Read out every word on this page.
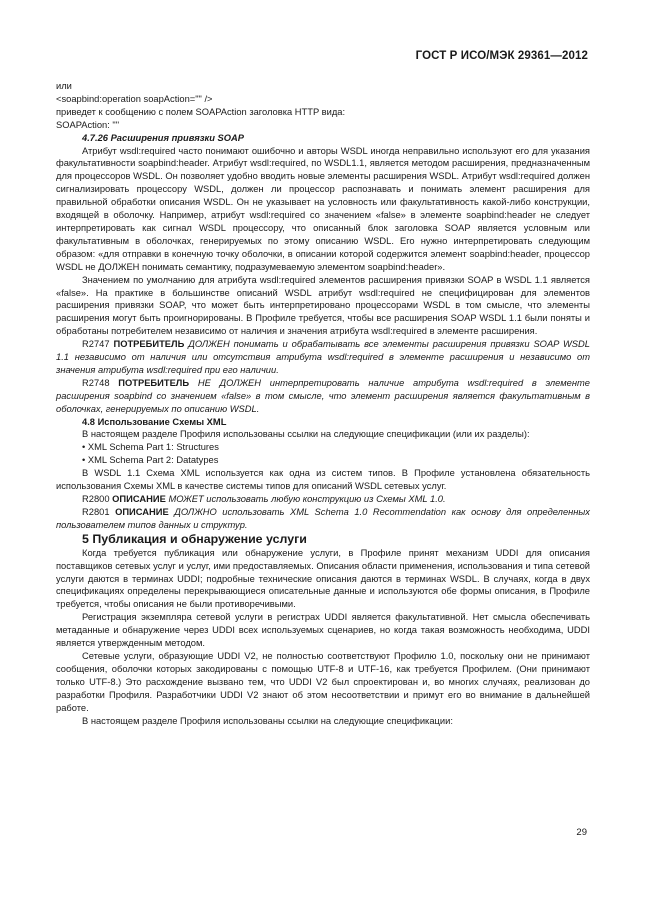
ГОСТ Р ИСО/МЭК 29361—2012

или

<soapbind:operation soapAction="" />

приведет к сообщению с полем SOAPAction заголовка HTTP вида:

SOAPAction: ""

4.7.26 Расширения привязки SOAP

Атрибут wsdl:required часто понимают ошибочно и авторы WSDL иногда неправильно используют его для указания факультативности soapbind:header. Атрибут wsdl:required, по WSDL1.1, является методом расширения, предназначенным для процессоров WSDL. Он позволяет удобно вводить новые элементы расширения WSDL. Атрибут wsdl:required должен сигнализировать процессору WSDL, должен ли процессор распознавать и понимать элемент расширения для правильной обработки описания WSDL. Он не указывает на условность или факультативность какой-либо конструкции, входящей в оболочку. Например, атрибут wsdl:required со значением «false» в элементе soapbind:header не следует интерпретировать как сигнал WSDL процессору, что описанный блок заголовка SOAP является условным или факультативным в оболочках, генерируемых по этому описанию WSDL. Его нужно интерпретировать следующим образом: «для отправки в конечную точку оболочки, в описании которой содержится элемент soapbind:header, процессор WSDL не ДОЛЖЕН понимать семантику, подразумеваемую элементом soapbind:header».

Значением по умолчанию для атрибута wsdl:required элементов расширения привязки SOAP в WSDL 1.1 является «false». На практике в большинстве описаний WSDL атрибут wsdl:required не специфицирован для элементов расширения привязки SOAP, что может быть интерпретировано процессорами WSDL в том смысле, что элементы расширения могут быть проигнорированы. В Профиле требуется, чтобы все расширения SOAP WSDL 1.1 были поняты и обработаны потребителем независимо от наличия и значения атрибута wsdl:required в элементе расширения.

R2747 ПОТРЕБИТЕЛЬ ДОЛЖЕН понимать и обрабатывать все элементы расширения привязки SOAP WSDL 1.1 независимо от наличия или отсутствия атрибута wsdl:required в элементе расширения и независимо от значения атрибута wsdl:required при его наличии.

R2748 ПОТРЕБИТЕЛЬ НЕ ДОЛЖЕН интерпретировать наличие атрибута wsdl:required в элементе расширения soapbind со значением «false» в том смысле, что элемент расширения является факультативным в оболочках, генерируемых по описанию WSDL.

4.8 Использование Схемы XML

В настоящем разделе Профиля использованы ссылки на следующие спецификации (или их разделы):

• XML Schema Part 1: Structures

• XML Schema Part 2: Datatypes

В WSDL 1.1 Схема XML используется как одна из систем типов. В Профиле установлена обязательность использования Схемы XML в качестве системы типов для описаний WSDL сетевых услуг.

R2800 ОПИСАНИЕ МОЖЕТ использовать любую конструкцию из Схемы XML 1.0.

R2801 ОПИСАНИЕ ДОЛЖНО использовать XML Schema 1.0 Recommendation как основу для определенных пользователем типов данных и структур.

5 Публикация и обнаружение услуги

Когда требуется публикация или обнаружение услуги, в Профиле принят механизм UDDI для описания поставщиков сетевых услуг и услуг, ими предоставляемых. Описания области применения, использования и типа сетевой услуги даются в терминах UDDI; подробные технические описания даются в терминах WSDL. В случаях, когда в двух спецификациях определены перекрывающиеся описательные данные и используются обе формы описания, в Профиле требуется, чтобы описания не были противоречивыми.

Регистрация экземпляра сетевой услуги в регистрах UDDI является факультативной. Нет смысла обеспечивать метаданные и обнаружение через UDDI всех используемых сценариев, но когда такая возможность необходима, UDDI является утвержденным методом.

Сетевые услуги, образующие UDDI V2, не полностью соответствуют Профилю 1.0, поскольку они не принимают сообщения, оболочки которых закодированы с помощью UTF-8 и UTF-16, как требуется Профилем. (Они принимают только UTF-8.) Это расхождение вызвано тем, что UDDI V2 был спроектирован и, во многих случаях, реализован до разработки Профиля. Разработчики UDDI V2 знают об этом несоответствии и примут его во внимание в дальнейшей работе.

В настоящем разделе Профиля использованы ссылки на следующие спецификации:

29
